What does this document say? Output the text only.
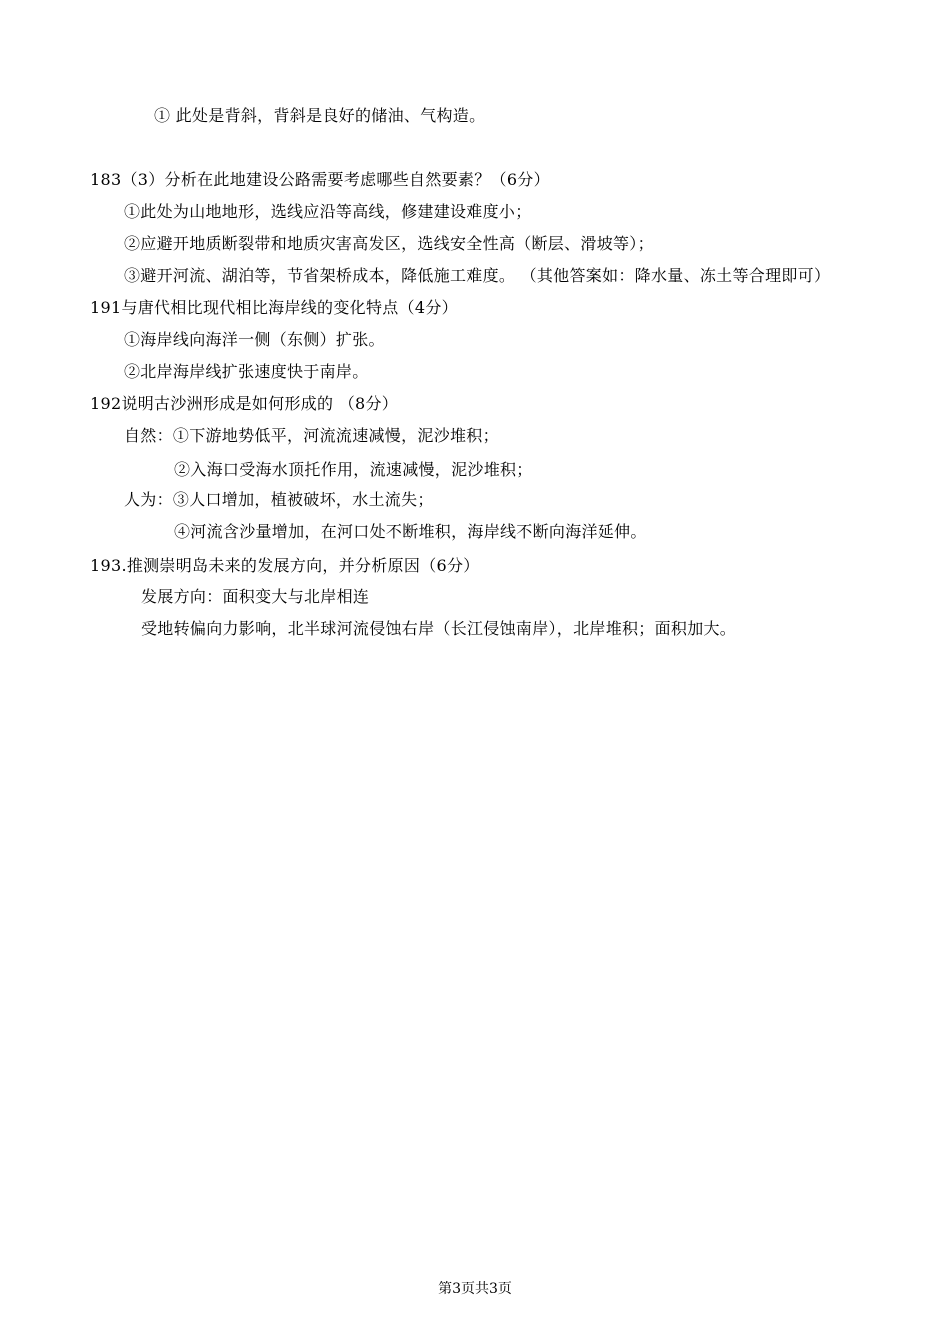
① 此处是背斜，背斜是良好的储油、气构造。
183（3）分析在此地建设公路需要考虑哪些自然要素？（6分）
①此处为山地地形，选线应沿等高线，修建建设难度小；
②应避开地质断裂带和地质灾害高发区，选线安全性高（断层、滑坡等）；
③避开河流、湖泊等，节省架桥成本，降低施工难度。 （其他答案如：降水量、冻土等合理即可）
191与唐代相比现代相比海岸线的变化特点（4分）
①海岸线向海洋一侧（东侧）扩张。
②北岸海岸线扩张速度快于南岸。
192说明古沙洲形成是如何形成的 （8分）
自然：①下游地势低平，河流流速减慢，泥沙堆积；
②入海口受海水顶托作用，流速减慢，泥沙堆积；
人为：③人口增加，植被破坏，水土流失；
④河流含沙量增加，在河口处不断堆积，海岸线不断向海洋延伸。
193.推测崇明岛未来的发展方向，并分析原因（6分）
发展方向：面积变大与北岸相连
受地转偏向力影响，北半球河流侵蚀右岸（长江侵蚀南岸），北岸堆积；面积加大。
第3页共3页
